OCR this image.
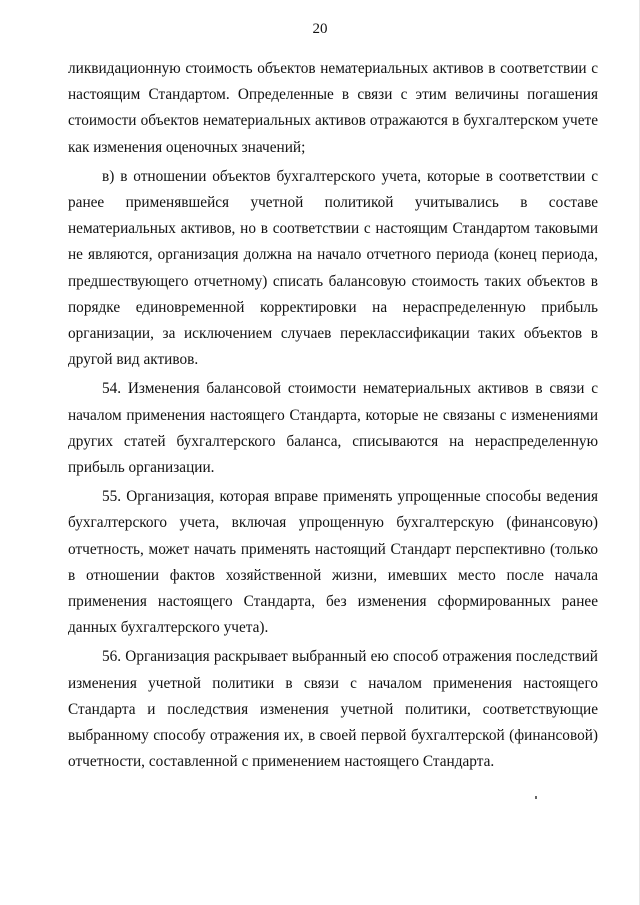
20

ликвидационную стоимость объектов нематериальных активов в соответствии с настоящим Стандартом. Определенные в связи с этим величины погашения стоимости объектов нематериальных активов отражаются в бухгалтерском учете как изменения оценочных значений;

в) в отношении объектов бухгалтерского учета, которые в соответствии с ранее применявшейся учетной политикой учитывались в составе нематериальных активов, но в соответствии с настоящим Стандартом таковыми не являются, организация должна на начало отчетного периода (конец периода, предшествующего отчетному) списать балансовую стоимость таких объектов в порядке единовременной корректировки на нераспределенную прибыль организации, за исключением случаев переклассификации таких объектов в другой вид активов.

54. Изменения балансовой стоимости нематериальных активов в связи с началом применения настоящего Стандарта, которые не связаны с изменениями других статей бухгалтерского баланса, списываются на нераспределенную прибыль организации.

55. Организация, которая вправе применять упрощенные способы ведения бухгалтерского учета, включая упрощенную бухгалтерскую (финансовую) отчетность, может начать применять настоящий Стандарт перспективно (только в отношении фактов хозяйственной жизни, имевших место после начала применения настоящего Стандарта, без изменения сформированных ранее данных бухгалтерского учета).

56. Организация раскрывает выбранный ею способ отражения последствий изменения учетной политики в связи с началом применения настоящего Стандарта и последствия изменения учетной политики, соответствующие выбранному способу отражения их, в своей первой бухгалтерской (финансовой) отчетности, составленной с применением настоящего Стандарта.
